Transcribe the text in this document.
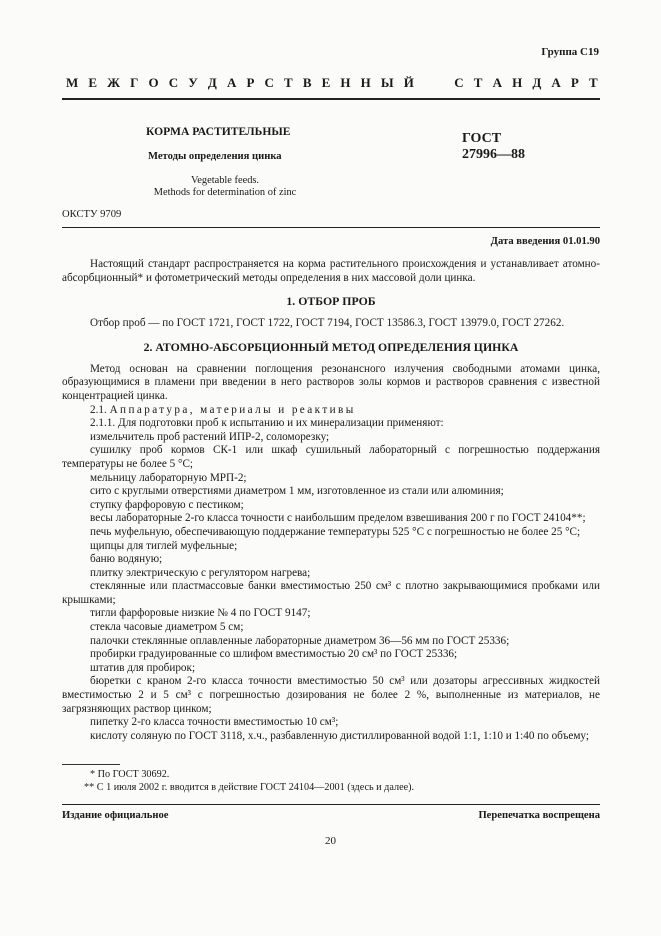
Группа С19
М Е Ж Г О С У Д А Р С Т В Е Н Н Ы Й	С Т А Н Д А Р Т
КОРМА РАСТИТЕЛЬНЫЕ
Методы определения цинка
Vegetable feeds.
Methods for determination of zinc
ГОСТ
27996—88
ОКСТУ 9709
Дата введения 01.01.90

Настоящий стандарт распространяется на корма растительного происхождения и устанавливает атомно-абсорбционный* и фотометрический методы определения в них массовой доли цинка.

1. ОТБОР ПРОБ

Отбор проб — по ГОСТ 1721, ГОСТ 1722, ГОСТ 7194, ГОСТ 13586.3, ГОСТ 13979.0, ГОСТ 27262.

2. АТОМНО-АБСОРБЦИОННЫЙ МЕТОД ОПРЕДЕЛЕНИЯ ЦИНКА

Метод основан на сравнении поглощения резонансного излучения свободными атомами цинка, образующимися в пламени при введении в него растворов золы кормов и растворов сравнения с известной концентрацией цинка.

2.1. Аппаратура, материалы и реактивы

2.1.1. Для подготовки проб к испытанию и их минерализации применяют:

измельчитель проб растений ИПР-2, соломорезку;

сушилку проб кормов СК-1 или шкаф сушильный лабораторный с погрешностью поддержания температуры не более 5 °С;

мельницу лабораторную МРП-2;

сито с круглыми отверстиями диаметром 1 мм, изготовленное из стали или алюминия;

ступку фарфоровую с пестиком;

весы лабораторные 2-го класса точности с наибольшим пределом взвешивания 200 г по ГОСТ 24104**;

печь муфельную, обеспечивающую поддержание температуры 525 °С с погрешностью не более 25 °С;

щипцы для тиглей муфельные;

баню водяную;

плитку электрическую с регулятором нагрева;

стеклянные или пластмассовые банки вместимостью 250 см³ с плотно закрывающимися пробками или крышками;

тигли фарфоровые низкие № 4 по ГОСТ 9147;

стекла часовые диаметром 5 см;

палочки стеклянные оплавленные лабораторные диаметром 36—56 мм по ГОСТ 25336;

пробирки градуированные со шлифом вместимостью 20 см³ по ГОСТ 25336;

штатив для пробирок;

бюретки с краном 2-го класса точности вместимостью 50 см³ или дозаторы агрессивных жидкостей вместимостью 2 и 5 см³ с погрешностью дозирования не более 2 %, выполненные из материалов, не загрязняющих раствор цинком;

пипетку 2-го класса точности вместимостью 10 см³;

кислоту соляную по ГОСТ 3118, х.ч., разбавленную дистиллированной водой 1:1, 1:10 и 1:40 по объему;

* По ГОСТ 30692.
** С 1 июля 2002 г. вводится в действие ГОСТ 24104—2001 (здесь и далее).
Издание официальное	Перепечатка воспрещена
20
